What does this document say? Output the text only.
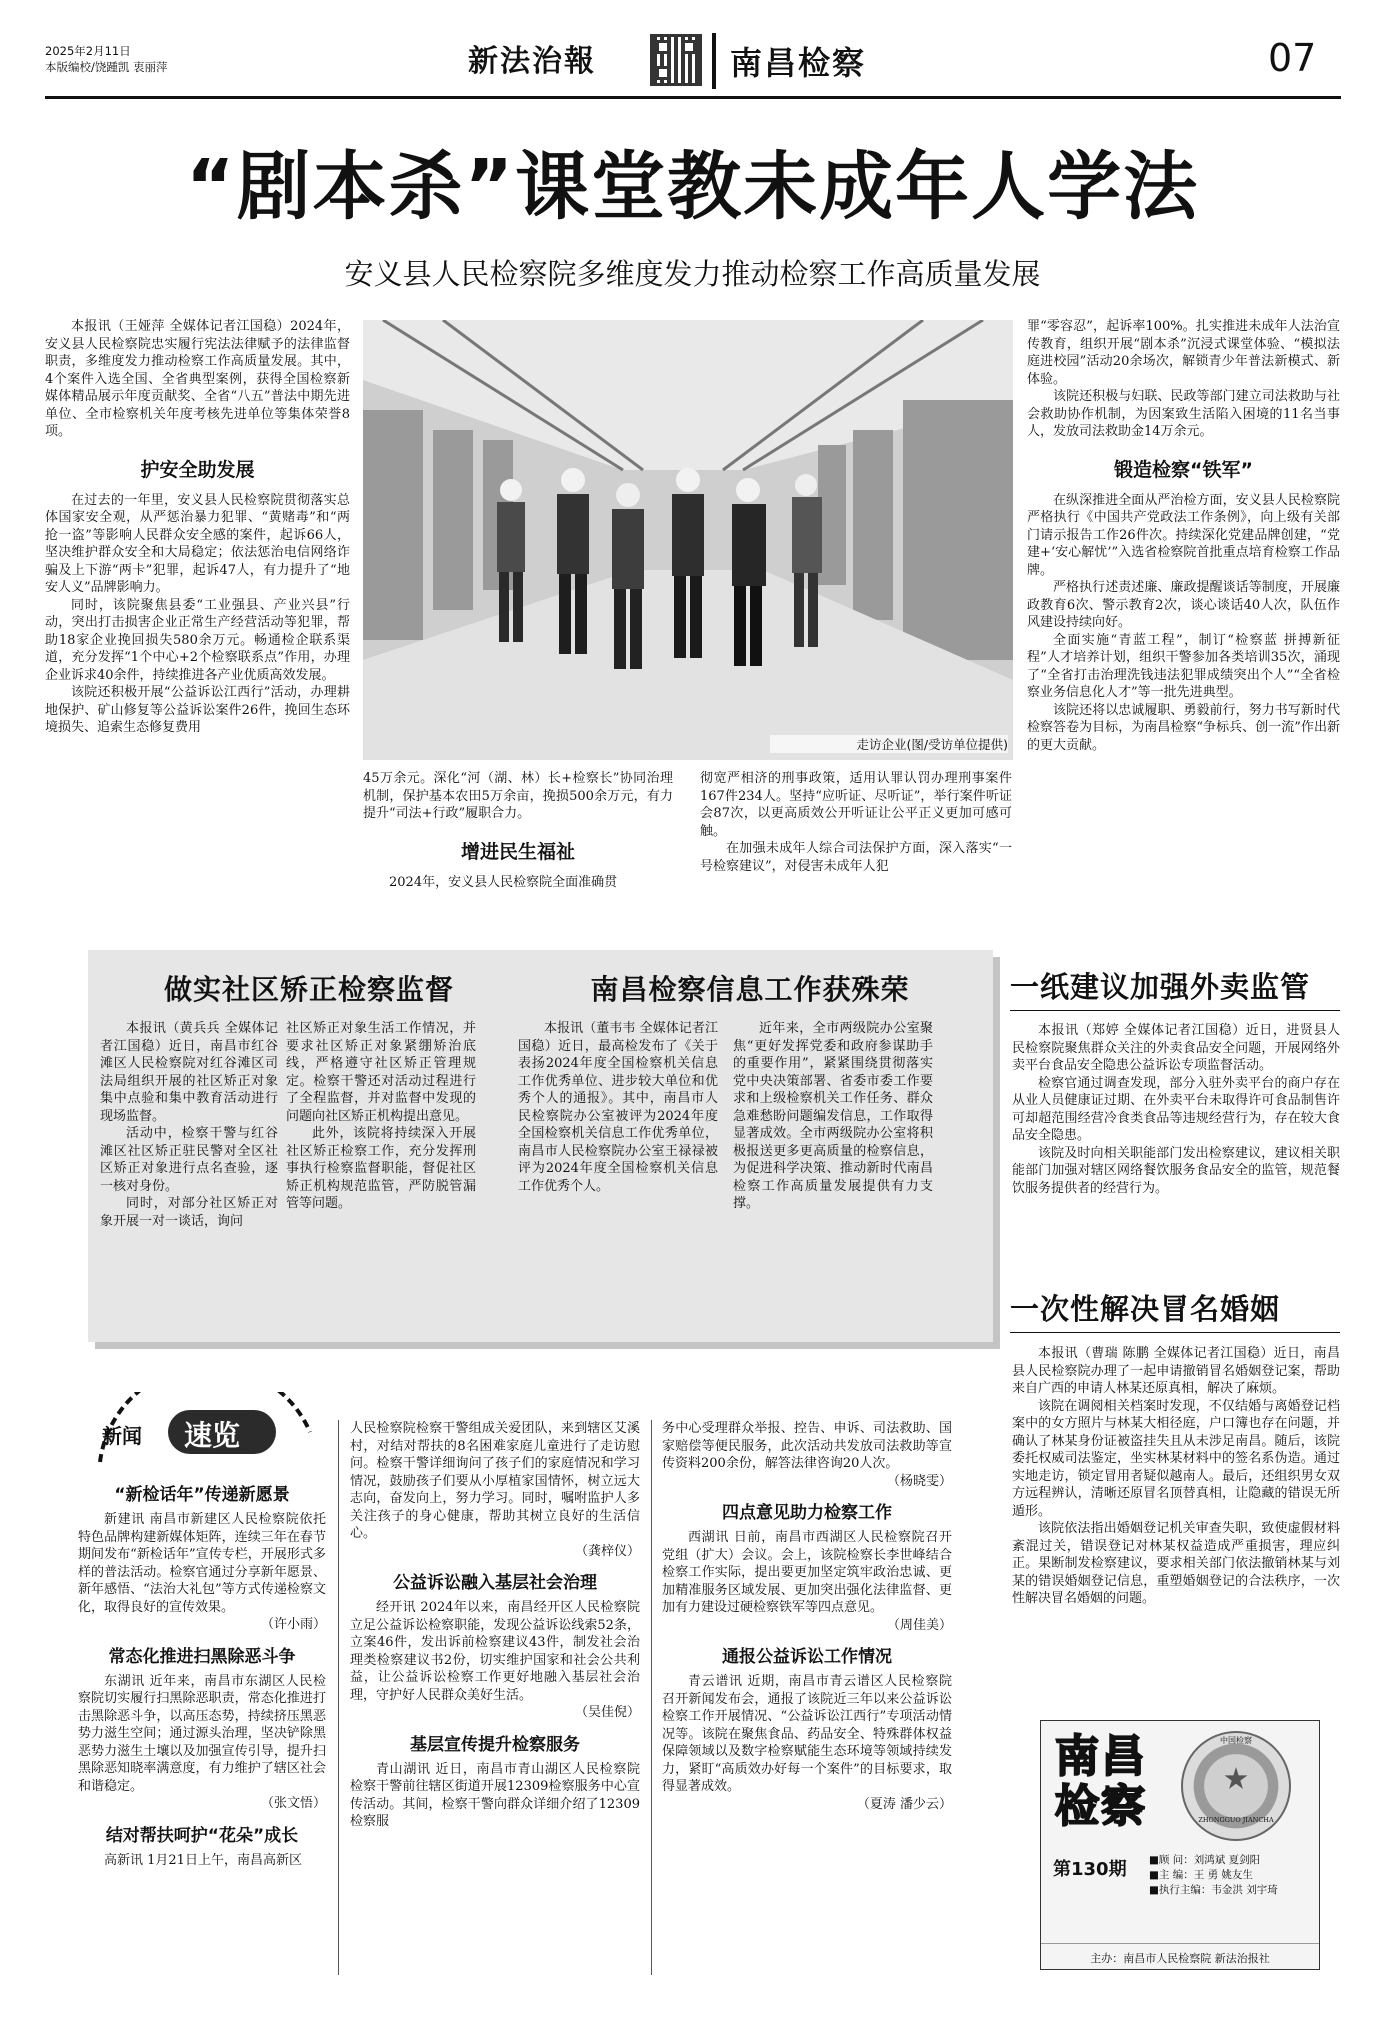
2025年2月11日
本版编校/饶踵凯 衷丽萍	新法治報	南昌检察	07
“剧本杀”课堂教未成年人学法
安义县人民检察院多维度发力推动检察工作高质量发展

本报讯（王娅萍 全媒体记者江国稳）2024年，安义县人民检察院忠实履行宪法法律赋予的法律监督职责，多维度发力推动检察工作高质量发展。其中，4个案件入选全国、全省典型案例，获得全国检察新媒体精品展示年度贡献奖、全省“八五”普法中期先进单位、全市检察机关年度考核先进单位等集体荣誉8项。

护安全助发展

在过去的一年里，安义县人民检察院贯彻落实总体国家安全观，从严惩治暴力犯罪、“黄赌毒”和“两抢一盗”等影响人民群众安全感的案件，起诉66人，坚决维护群众安全和大局稳定；依法惩治电信网络诈骗及上下游“两卡”犯罪，起诉47人，有力提升了“地安人义”品牌影响力。

同时，该院聚焦县委“工业强县、产业兴县”行动，突出打击损害企业正常生产经营活动等犯罪，帮助18家企业挽回损失580余万元。畅通检企联系渠道，充分发挥“1个中心+2个检察联系点”作用，办理企业诉求40余件，持续推进各产业优质高效发展。

该院还积极开展“公益诉讼江西行”活动，办理耕地保护、矿山修复等公益诉讼案件26件，挽回生态环境损失、追索生态修复费用

走访企业(图/受访单位提供)

45万余元。深化“河（湖、林）长+检察长”协同治理机制，保护基本农田5万余亩，挽损500余万元，有力提升“司法+行政”履职合力。

增进民生福祉

2024年，安义县人民检察院全面准确贯

彻宽严相济的刑事政策，适用认罪认罚办理刑事案件167件234人。坚持“应听证、尽听证”，举行案件听证会87次，以更高质效公开听证让公平正义更加可感可触。

在加强未成年人综合司法保护方面，深入落实“一号检察建议”，对侵害未成年人犯

罪“零容忍”，起诉率100%。扎实推进未成年人法治宣传教育，组织开展“剧本杀”沉浸式课堂体验、“模拟法庭进校园”活动20余场次，解锁青少年普法新模式、新体验。

该院还积极与妇联、民政等部门建立司法救助与社会救助协作机制，为因案致生活陷入困境的11名当事人，发放司法救助金14万余元。

锻造检察“铁军”

在纵深推进全面从严治检方面，安义县人民检察院严格执行《中国共产党政法工作条例》，向上级有关部门请示报告工作26件次。持续深化党建品牌创建，“党建+‘安心解忧’”入选省检察院首批重点培育检察工作品牌。

严格执行述责述廉、廉政提醒谈话等制度，开展廉政教育6次、警示教育2次，谈心谈话40人次，队伍作风建设持续向好。

全面实施“青蓝工程”，制订“检察蓝 拼搏新征程”人才培养计划，组织干警参加各类培训35次，涌现了“全省打击治理洗钱违法犯罪成绩突出个人”“全省检察业务信息化人才”等一批先进典型。

该院还将以忠诚履职、勇毅前行，努力书写新时代检察答卷为目标，为南昌检察“争标兵、创一流”作出新的更大贡献。

做实社区矫正检察监督

本报讯（黄兵兵 全媒体记者江国稳）近日，南昌市红谷滩区人民检察院对红谷滩区司法局组织开展的社区矫正对象集中点验和集中教育活动进行现场监督。

活动中，检察干警与红谷滩区社区矫正驻民警对全区社区矫正对象进行点名查验，逐一核对身份。

同时，对部分社区矫正对象开展一对一谈话，询问

社区矫正对象生活工作情况，并要求社区矫正对象紧绷矫治底线，严格遵守社区矫正管理规定。检察干警还对活动过程进行了全程监督，并对监督中发现的问题向社区矫正机构提出意见。

此外，该院将持续深入开展社区矫正检察工作，充分发挥刑事执行检察监督职能，督促社区矫正机构规范监管，严防脱管漏管等问题。

南昌检察信息工作获殊荣

本报讯（董韦韦 全媒体记者江国稳）近日，最高检发布了《关于表扬2024年度全国检察机关信息工作优秀单位、进步较大单位和优秀个人的通报》。其中，南昌市人民检察院办公室被评为2024年度全国检察机关信息工作优秀单位，南昌市人民检察院办公室王禄禄被评为2024年度全国检察机关信息工作优秀个人。

近年来，全市两级院办公室聚焦“更好发挥党委和政府参谋助手的重要作用”，紧紧围绕贯彻落实党中央决策部署、省委市委工作要求和上级检察机关工作任务、群众急难愁盼问题编发信息，工作取得显著成效。全市两级院办公室将积极报送更多更高质量的检察信息，为促进科学决策、推动新时代南昌检察工作高质量发展提供有力支撑。

一纸建议加强外卖监管

本报讯（郑婷 全媒体记者江国稳）近日，进贤县人民检察院聚焦群众关注的外卖食品安全问题，开展网络外卖平台食品安全隐患公益诉讼专项监督活动。

检察官通过调查发现，部分入驻外卖平台的商户存在从业人员健康证过期、在外卖平台未取得许可食品制售许可却超范围经营冷食类食品等违规经营行为，存在较大食品安全隐患。

该院及时向相关职能部门发出检察建议，建议相关职能部门加强对辖区网络餐饮服务食品安全的监管，规范餐饮服务提供者的经营行为。

一次性解决冒名婚姻

本报讯（曹瑞 陈鹏 全媒体记者江国稳）近日，南昌县人民检察院办理了一起申请撤销冒名婚姻登记案，帮助来自广西的申请人林某还原真相，解决了麻烦。

该院在调阅相关档案时发现，不仅结婚与离婚登记档案中的女方照片与林某大相径庭，户口簿也存在问题，并确认了林某身份证被盗挂失且从未涉足南昌。随后，该院委托权威司法鉴定，坐实林某材料中的签名系伪造。通过实地走访，锁定冒用者疑似越南人。最后，还组织男女双方远程辨认，清晰还原冒名顶替真相，让隐藏的错误无所遁形。

该院依法指出婚姻登记机关审查失职，致使虚假材料紊混过关，错误登记对林某权益造成严重损害，理应纠正。果断制发检察建议，要求相关部门依法撤销林某与刘某的错误婚姻登记信息，重塑婚姻登记的合法秩序，一次性解决冒名婚姻的问题。

新闻 速览
“新检话年”传递新愿景

新建讯 南昌市新建区人民检察院依托特色品牌构建新媒体矩阵，连续三年在春节期间发布“新检话年”宣传专栏，开展形式多样的普法活动。检察官通过分享新年愿景、新年感悟、“法治大礼包”等方式传递检察文化，取得良好的宣传效果。

（许小雨）
常态化推进扫黑除恶斗争

东湖讯 近年来，南昌市东湖区人民检察院切实履行扫黑除恶职责，常态化推进打击黑除恶斗争，以高压态势，持续挤压黑恶势力滋生空间；通过源头治理，坚决铲除黑恶势力滋生土壤以及加强宣传引导，提升扫黑除恶知晓率满意度，有力维护了辖区社会和谐稳定。

（张文悟）
结对帮扶呵护“花朵”成长

高新讯 1月21日上午，南昌高新区

人民检察院检察干警组成关爱团队，来到辖区艾溪村，对结对帮扶的8名困难家庭儿童进行了走访慰问。检察干警详细询问了孩子们的家庭情况和学习情况，鼓励孩子们要从小厚植家国情怀，树立远大志向，奋发向上，努力学习。同时，嘱咐监护人多关注孩子的身心健康，帮助其树立良好的生活信心。

（龚梓仪）
公益诉讼融入基层社会治理

经开讯 2024年以来，南昌经开区人民检察院立足公益诉讼检察职能，发现公益诉讼线索52条，立案46件，发出诉前检察建议43件，制发社会治理类检察建议书2份，切实维护国家和社会公共利益，让公益诉讼检察工作更好地融入基层社会治理，守护好人民群众美好生活。

（吴佳倪）
基层宣传提升检察服务

青山湖讯 近日，南昌市青山湖区人民检察院检察干警前往辖区街道开展12309检察服务中心宣传活动。其间，检察干警向群众详细介绍了12309检察服

务中心受理群众举报、控告、申诉、司法救助、国家赔偿等便民服务，此次活动共发放司法救助等宣传资料200余份，解答法律咨询20人次。

（杨晓雯）
四点意见助力检察工作

西湖讯 日前，南昌市西湖区人民检察院召开党组（扩大）会议。会上，该院检察长李世峰结合检察工作实际，提出要更加坚定筑牢政治忠诚、更加精准服务区域发展、更加突出强化法律监督、更加有力建设过硬检察铁军等四点意见。

（周佳美）
通报公益诉讼工作情况

青云谱讯 近期，南昌市青云谱区人民检察院召开新闻发布会，通报了该院近三年以来公益诉讼检察工作开展情况、“公益诉讼江西行”专项活动情况等。该院在聚焦食品、药品安全、特殊群体权益保障领域以及数字检察赋能生态环境等领域持续发力，紧盯“高质效办好每一个案件”的目标要求，取得显著成效。

（夏涛 潘少云）
南昌
检察
中国检察
ZHONGGUO JIANCHA
第130期 ■顾 问：刘鸿斌 夏剑阳
■主 编：王 勇 姚友生
■执行主编：韦金洪 刘宇琦
主办：南昌市人民检察院 新法治报社
